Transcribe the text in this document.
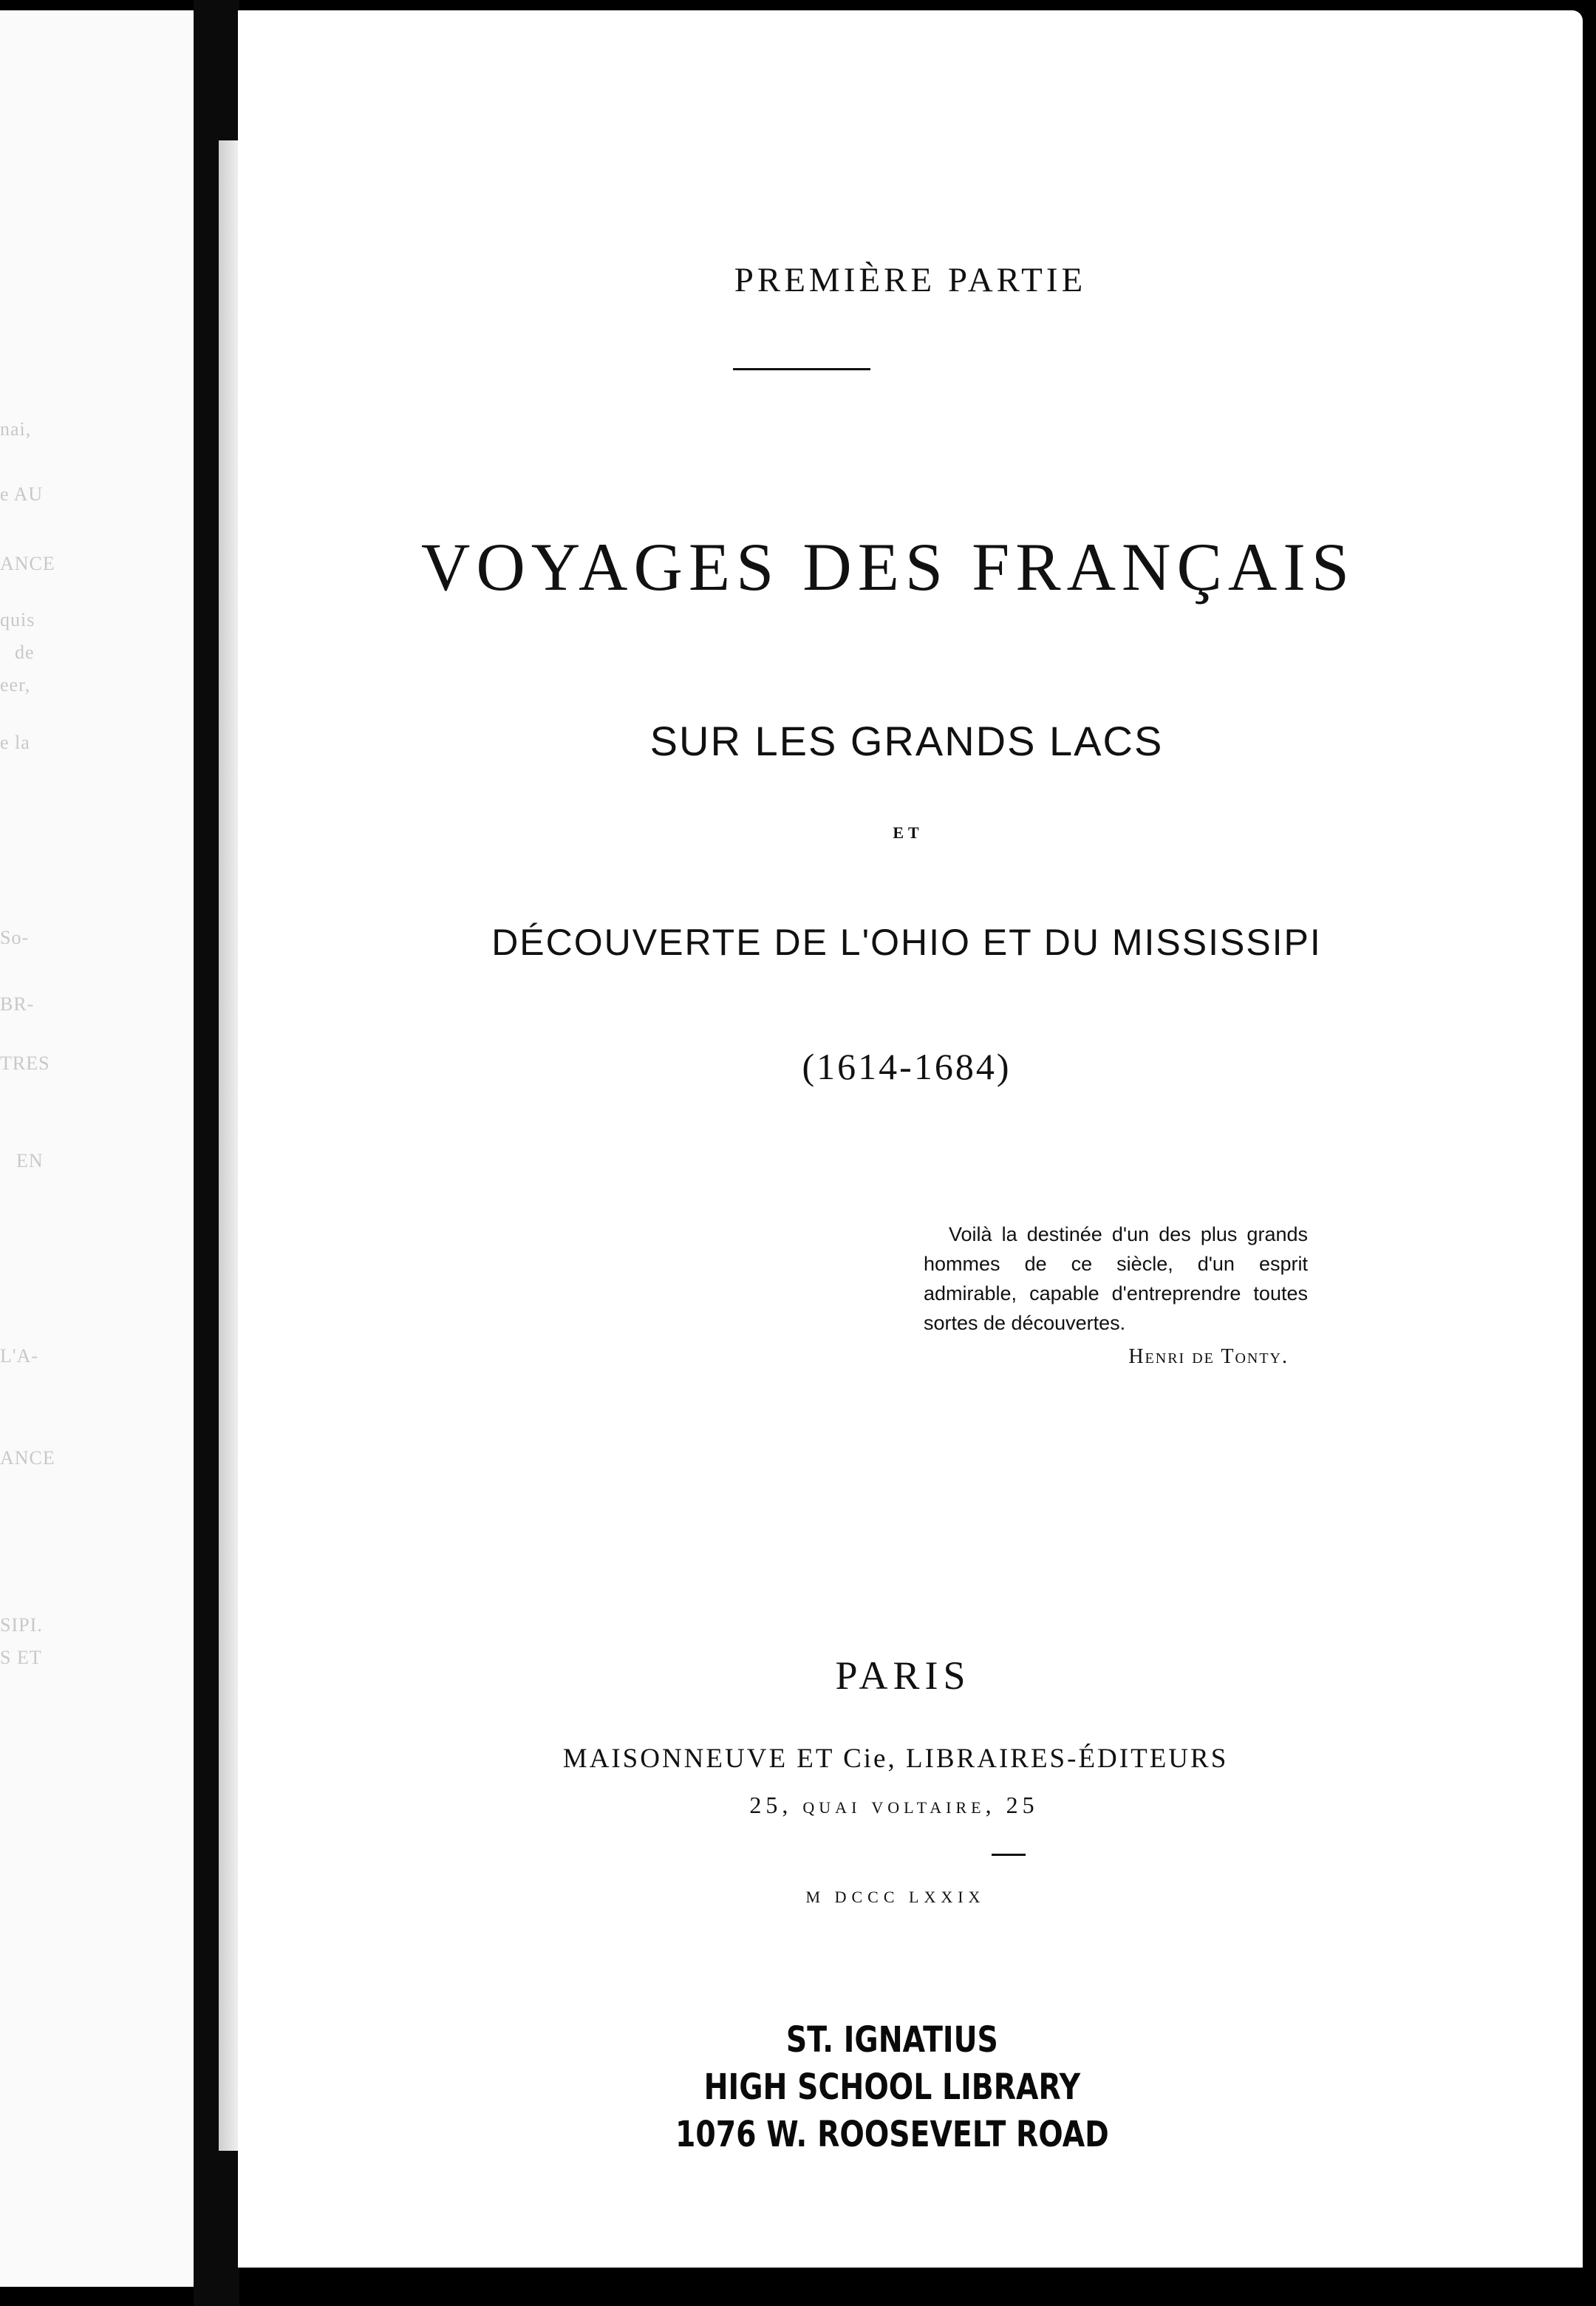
nai,
e AU
ANCE
quis
de
eer,
e la
So-
BR-
TRES
EN
L'A-
ANCE
SIPI.
S ET
PREMIÈRE PARTIE
VOYAGES DES FRANÇAIS
SUR LES GRANDS LACS
ET
DÉCOUVERTE DE L'OHIO ET DU MISSISSIPI
(1614-1684)
Voilà la destinée d'un des plus grands hommes de ce siècle, d'un esprit admirable, capable d'entreprendre toutes sortes de découvertes.
Henri de Tonty.
PARIS
MAISONNEUVE ET Cie, LIBRAIRES-ÉDITEURS
25, quai voltaire, 25
M DCCC LXXIX
ST. IGNATIUS
HIGH SCHOOL LIBRARY
1076 W. ROOSEVELT ROAD
